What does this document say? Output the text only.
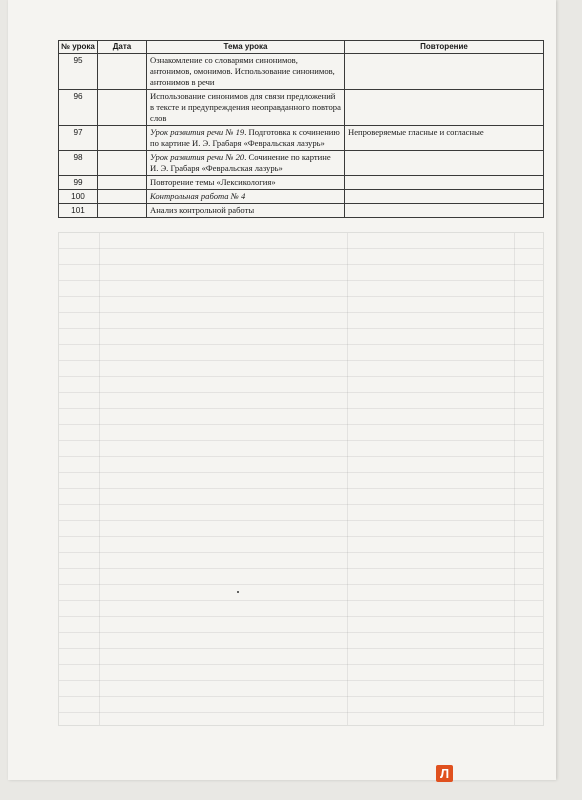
№ урока	Дата	Тема урока	Повторение
95		Ознакомление со словарями синонимов, антонимов, омонимов. Использование синонимов, антонимов в речи	
96		Использование синонимов для связи предложений в тексте и предупреждения неоправданного повтора слов	
97		Урок развития речи № 19. Подготовка к сочинению по картине И. Э. Грабаря «Февральская лазурь»	Непроверяемые гласные и согласные
98		Урок развития речи № 20. Сочинение по картине И. Э. Грабаря «Февральская лазурь»	
99		Повторение темы «Лексикология»	
100		Контрольная работа № 4	
101		Анализ контрольной работы	
Л
